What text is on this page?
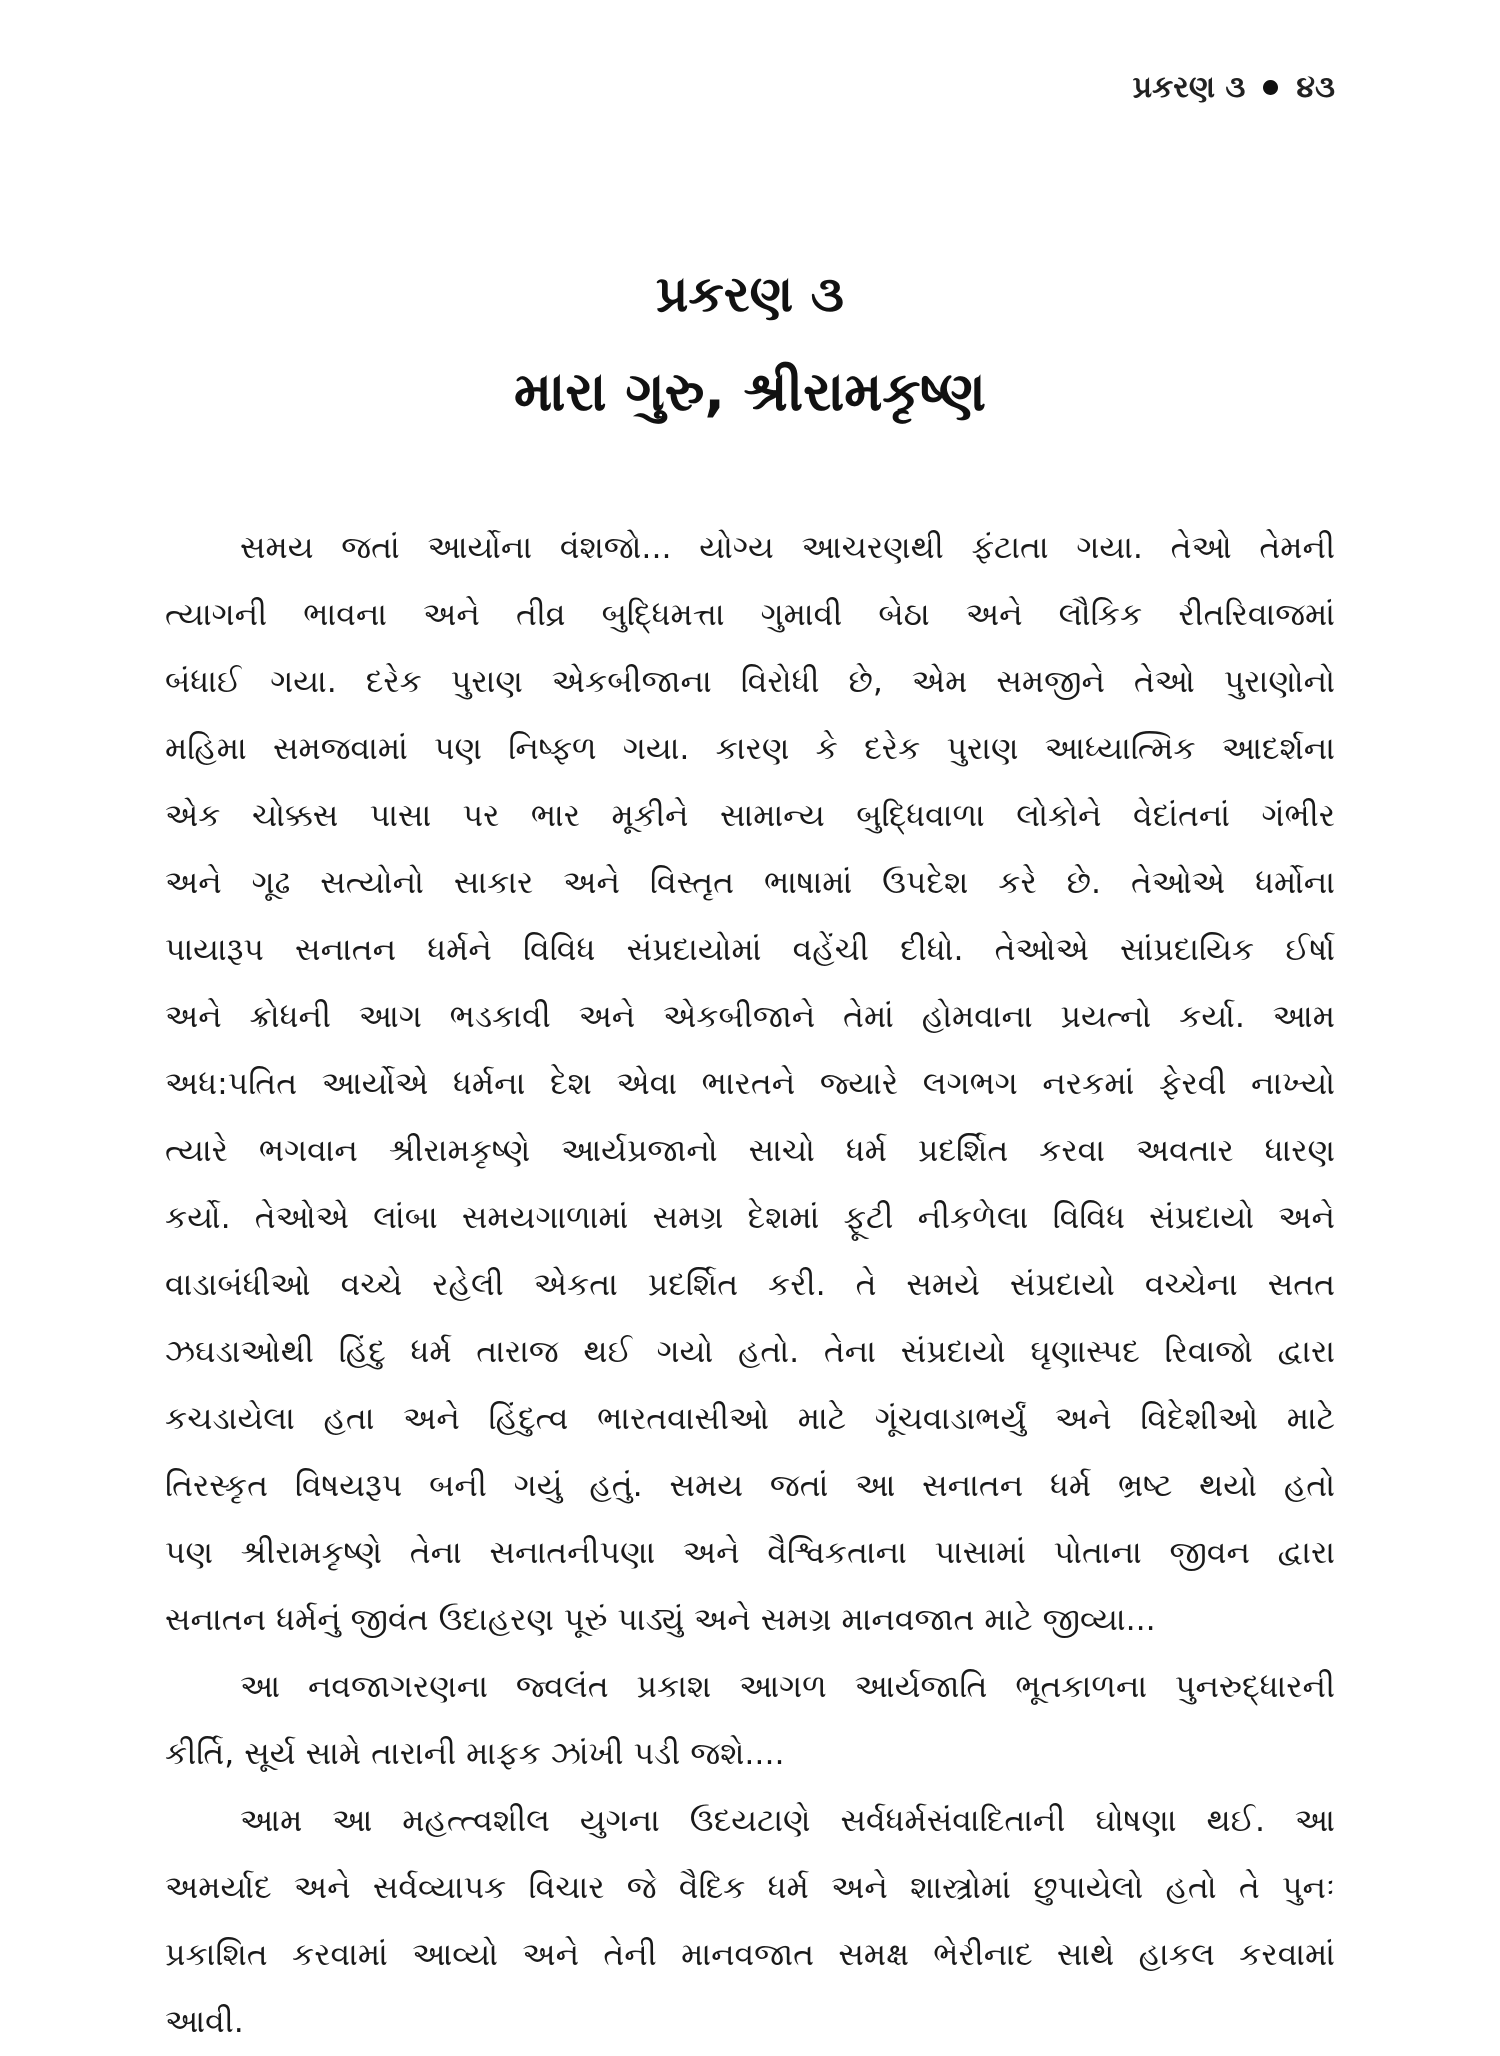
પ્રકરણ ૩ ૪૩
પ્રકરણ ૩
મારા ગુરુ, શ્રીરામકૃષ્ણ
સમય જતાં આર્યોના વંશજો... યોગ્ય આચરણથી ફંટાતા ગયા. તેઓ તેમની
ત્યાગની ભાવના અને તીવ્ર બુદ્ધિમત્તા ગુમાવી બેઠા અને લૌકિક રીતરિવાજમાં
બંધાઈ ગયા. દરેક પુરાણ એકબીજાના વિરોધી છે, એમ સમજીને તેઓ પુરાણોનો
મહિમા સમજવામાં પણ નિષ્ફળ ગયા. કારણ કે દરેક પુરાણ આધ્યાત્મિક આદર્શના
એક ચોક્કસ પાસા પર ભાર મૂકીને સામાન્ય બુદ્ધિવાળા લોકોને વેદાંતનાં ગંભીર
અને ગૂઢ સત્યોનો સાકાર અને વિસ્તૃત ભાષામાં ઉપદેશ કરે છે. તેઓએ ધર્મોના
પાયારૂપ સનાતન ધર્મને વિવિધ સંપ્રદાયોમાં વહેંચી દીધો. તેઓએ સાંપ્રદાયિક ઈર્ષા
અને ક્રોધની આગ ભડકાવી અને એકબીજાને તેમાં હોમવાના પ્રયત્નો કર્યા. આમ
અધ:પતિત આર્યોએ ધર્મના દેશ એવા ભારતને જ્યારે લગભગ નરકમાં ફેરવી નાખ્યો
ત્યારે ભગવાન શ્રીરામકૃષ્ણે આર્યપ્રજાનો સાચો ધર્મ પ્રદર્શિત કરવા અવતાર ધારણ
કર્યો. તેઓએ લાંબા સમયગાળામાં સમગ્ર દેશમાં ફૂટી નીકળેલા વિવિધ સંપ્રદાયો અને
વાડાબંધીઓ વચ્ચે રહેલી એકતા પ્રદર્શિત કરી. તે સમયે સંપ્રદાયો વચ્ચેના સતત
ઝઘડાઓથી હિંદુ ધર્મ તારાજ થઈ ગયો હતો. તેના સંપ્રદાયો ઘૃણાસ્પદ રિવાજો દ્વારા
કચડાયેલા હતા અને હિંદુત્વ ભારતવાસીઓ માટે ગૂંચવાડાભર્યું અને વિદેશીઓ માટે
તિરસ્કૃત વિષયરૂપ બની ગયું હતું. સમય જતાં આ સનાતન ધર્મ ભ્રષ્ટ થયો હતો
પણ શ્રીરામકૃષ્ણે તેના સનાતનીપણા અને વૈશ્વિકતાના પાસામાં પોતાના જીવન દ્વારા
સનાતન ધર્મનું જીવંત ઉદાહરણ પૂરું પાડ્યું અને સમગ્ર માનવજાત માટે જીવ્યા...
આ નવજાગરણના જ્વલંત પ્રકાશ આગળ આર્યજાતિ ભૂતકાળના પુનરુદ્ધારની
કીર્તિ, સૂર્ય સામે તારાની માફક ઝાંખી પડી જશે....
આમ આ મહત્ત્વશીલ યુગના ઉદયટાણે સર્વધર્મસંવાદિતાની ઘોષણા થઈ. આ
અમર્યાદ અને સર્વવ્યાપક વિચાર જે વૈદિક ધર્મ અને શાસ્ત્રોમાં છુપાયેલો હતો તે પુનઃ
પ્રકાશિત કરવામાં આવ્યો અને તેની માનવજાત સમક્ષ ભેરીનાદ સાથે હાકલ કરવામાં
આવી.
